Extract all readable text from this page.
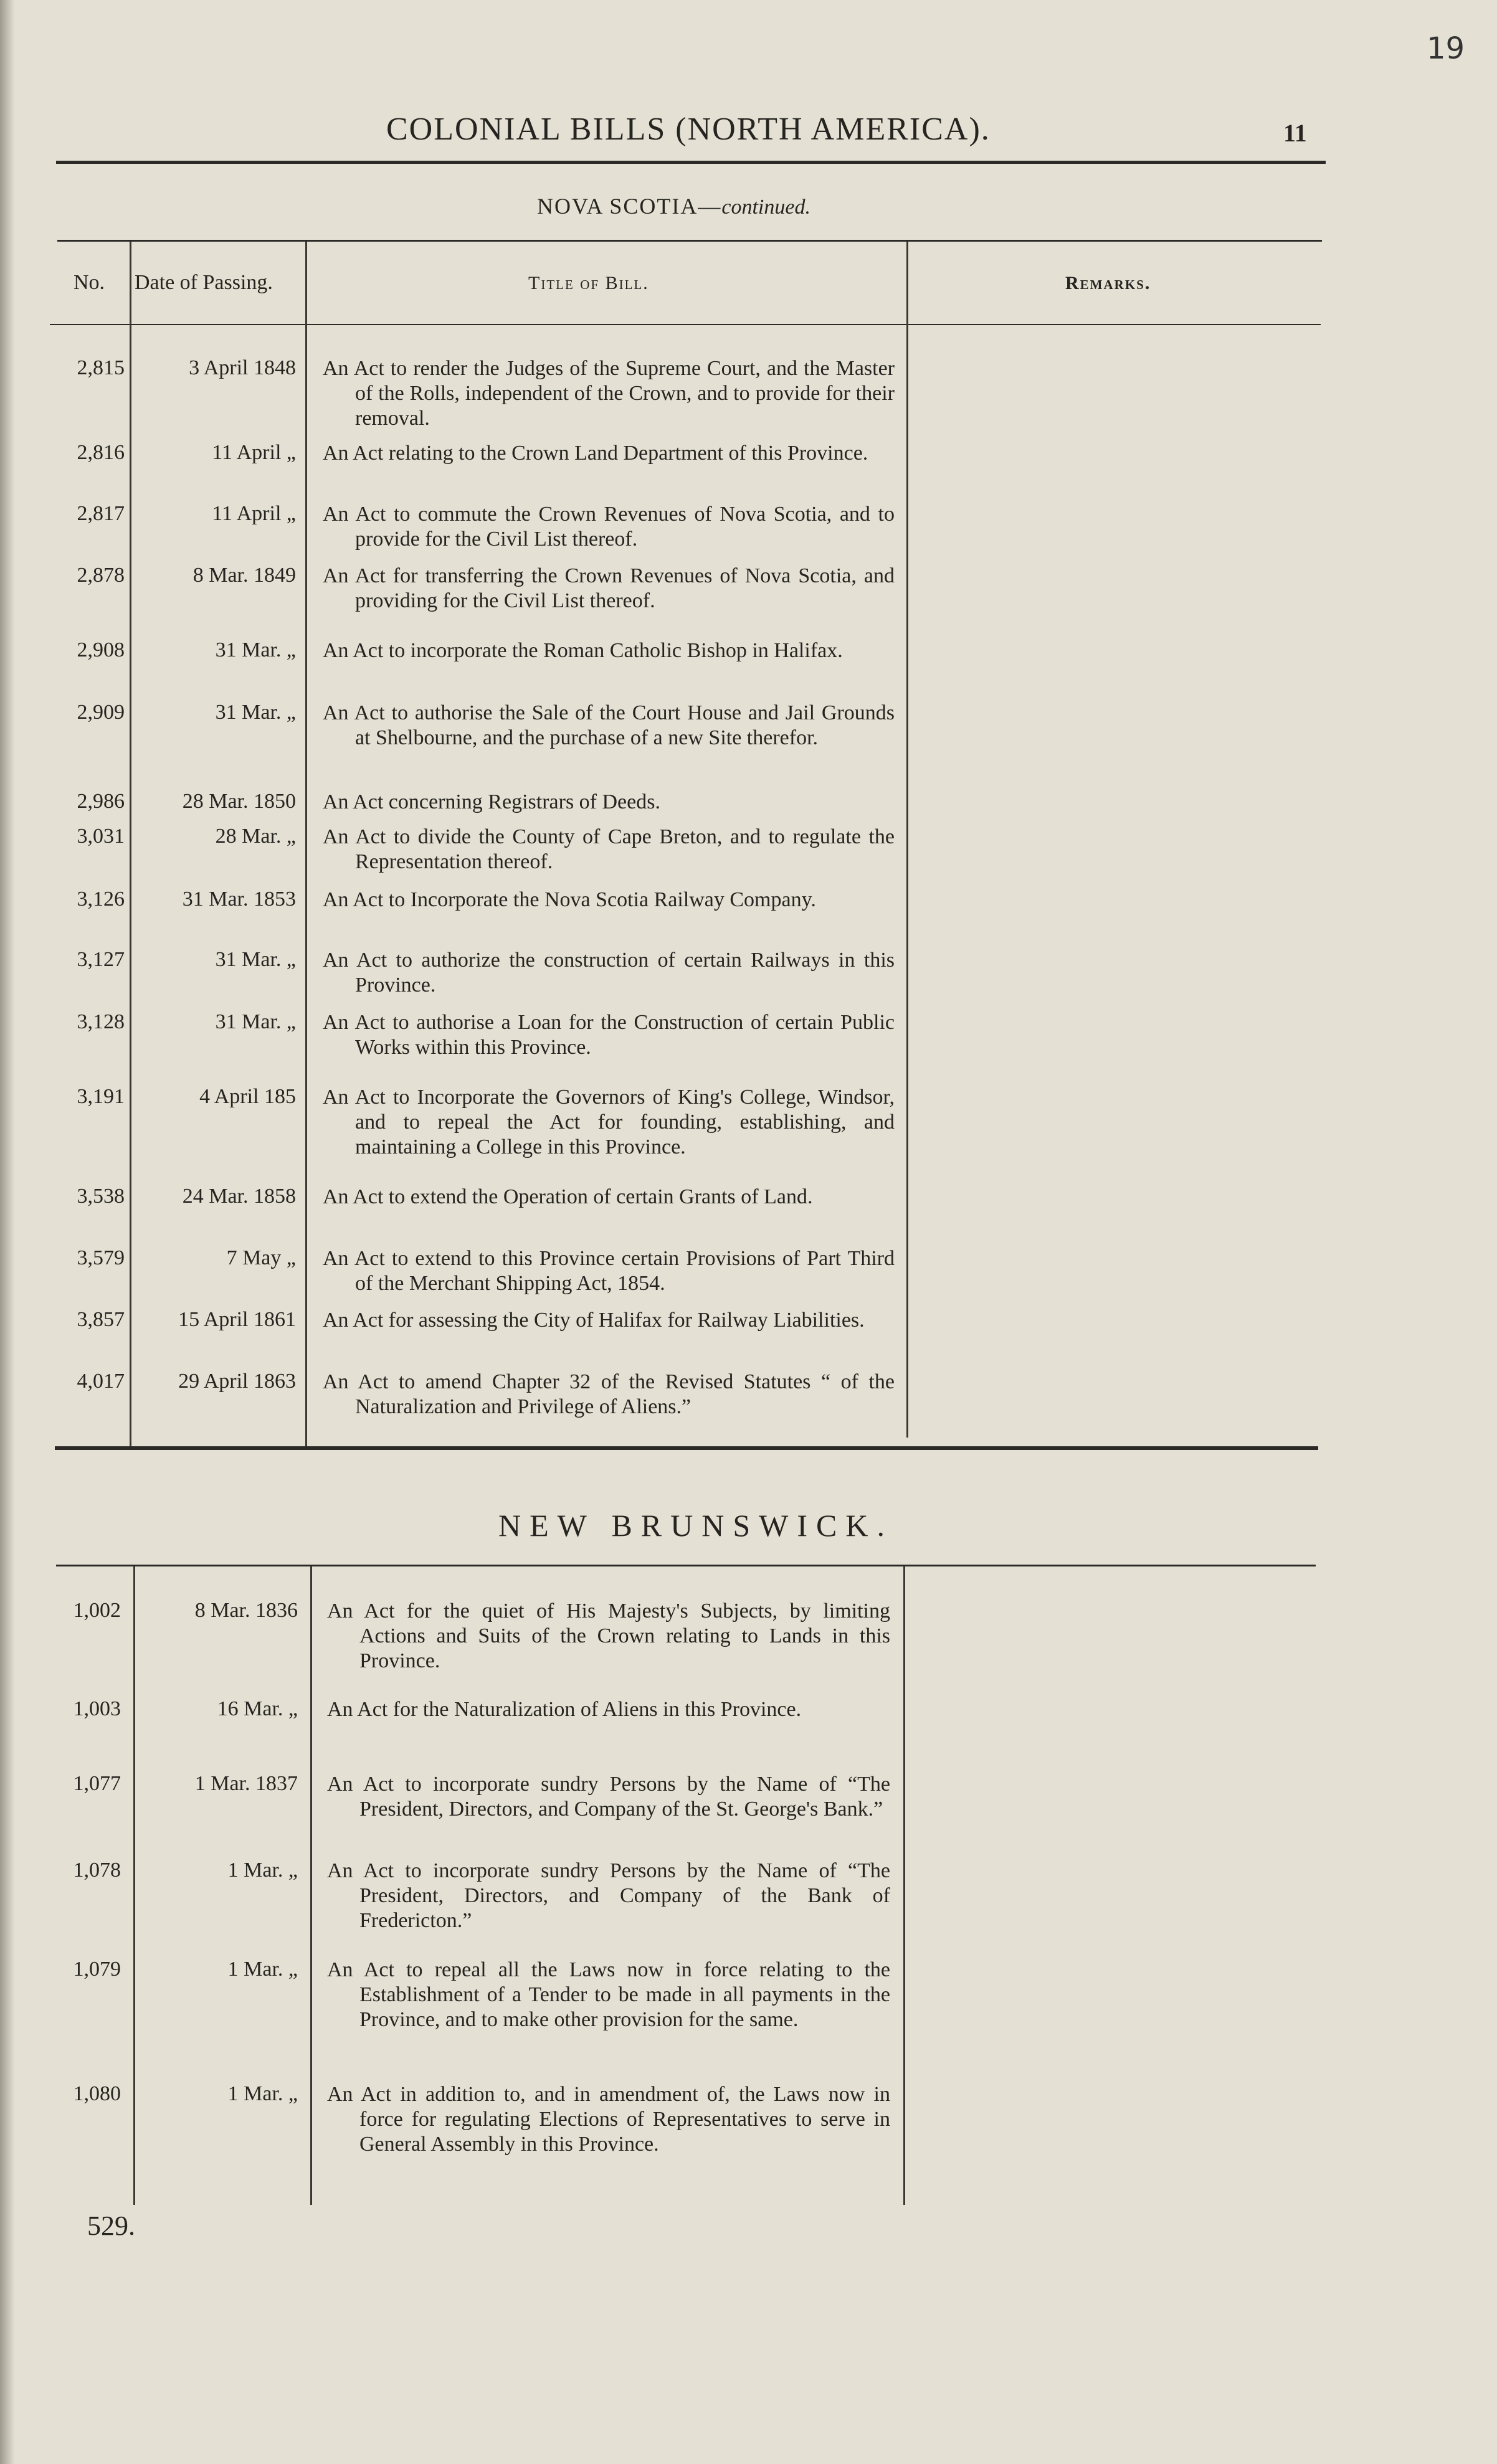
19
COLONIAL BILLS (NORTH AMERICA).	11
NOVA SCOTIA—continued.
No. Date of Passing.	Title of Bill.	Remarks.
2,815	3 April 1848 An Act to render the Judges of the Supreme Court, and the Master of the Rolls, independent of the Crown, and to provide for their removal.
2,816	11 April „ An Act relating to the Crown Land Department of this Province.
2,817	11 April „ An Act to commute the Crown Revenues of Nova Scotia, and to provide for the Civil List thereof.
2,878	8 Mar. 1849 An Act for transferring the Crown Revenues of Nova Scotia, and providing for the Civil List thereof.
2,908	31 Mar. „ An Act to incorporate the Roman Catholic Bishop in Halifax.
2,909	31 Mar. „ An Act to authorise the Sale of the Court House and Jail Grounds at Shelbourne, and the purchase of a new Site therefor.
2,986	28 Mar. 1850 An Act concerning Registrars of Deeds.
3,031	28 Mar. „ An Act to divide the County of Cape Breton, and to regulate the Representation thereof.
3,126	31 Mar. 1853 An Act to Incorporate the Nova Scotia Railway Company.
3,127	31 Mar. „ An Act to authorize the construction of certain Railways in this Province.
3,128	31 Mar. „ An Act to authorise a Loan for the Construction of certain Public Works within this Province.
3,191	4 April 185 An Act to Incorporate the Governors of King's College, Windsor, and to repeal the Act for founding, establishing, and maintaining a College in this Province.
3,538	24 Mar. 1858 An Act to extend the Operation of certain Grants of Land.
3,579	7 May „ An Act to extend to this Province certain Provisions of Part Third of the Merchant Shipping Act, 1854.
3,857	15 April 1861 An Act for assessing the City of Halifax for Railway Liabilities.
4,017	29 April 1863 An Act to amend Chapter 32 of the Revised Statutes “ of the Naturalization and Privilege of Aliens.”
NEW BRUNSWICK.
1,002	8 Mar. 1836 An Act for the quiet of His Majesty's Subjects, by limiting Actions and Suits of the Crown relating to Lands in this Province.
1,003	16 Mar. „ An Act for the Naturalization of Aliens in this Province.
1,077	1 Mar. 1837 An Act to incorporate sundry Persons by the Name of “The President, Directors, and Company of the St. George's Bank.”
1,078	1 Mar. „ An Act to incorporate sundry Persons by the Name of “The President, Directors, and Company of the Bank of Fredericton.”
1,079	1 Mar. „ An Act to repeal all the Laws now in force relating to the Establishment of a Tender to be made in all payments in the Province, and to make other provision for the same.
1,080	1 Mar. „ An Act in addition to, and in amendment of, the Laws now in force for regulating Elections of Representatives to serve in General Assembly in this Province.
529.
